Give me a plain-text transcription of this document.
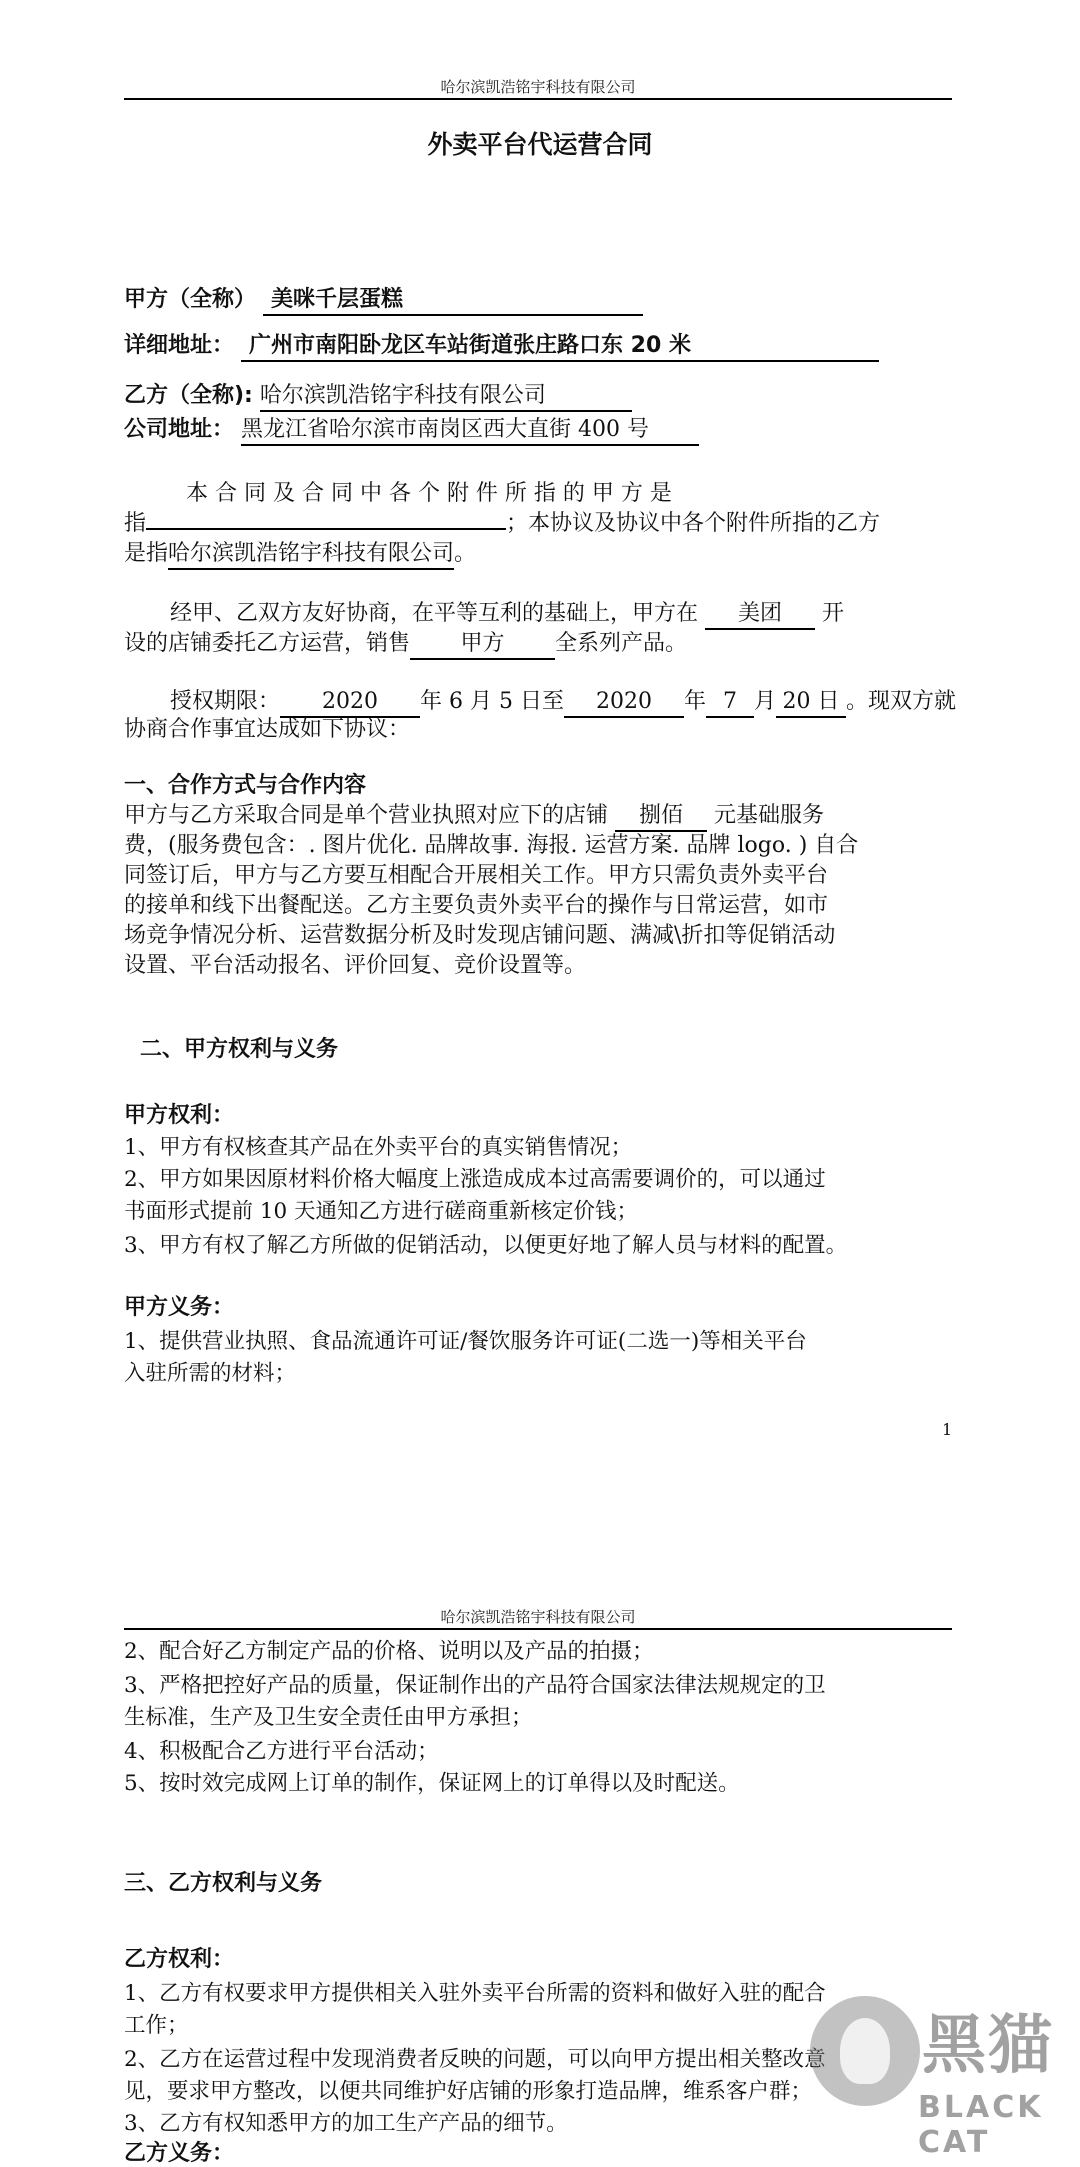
哈尔滨凯浩铭宇科技有限公司
外卖平台代运营合同
甲方（全称） 美咪千层蛋糕
详细地址： 广州市南阳卧龙区车站街道张庄路口东 20 米
乙方（全称): 哈尔滨凯浩铭宇科技有限公司
公司地址： 黑龙江省哈尔滨市南岗区西大直街 400 号
本 合 同 及 合 同 中 各 个 附 件 所 指 的 甲 方 是
指	；本协议及协议中各个附件所指的乙方
是指哈尔滨凯浩铭宇科技有限公司。
经甲、乙双方友好协商，在平等互利的基础上，甲方在 美团 开
设的店铺委托乙方运营，销售 甲方 全系列产品。
授权期限： 2020 年 6 月 5 日至 2020 年 7 月 20 日 。现双方就
协商合作事宜达成如下协议：
一、合作方式与合作内容
甲方与乙方采取合同是单个营业执照对应下的店铺 捌佰 元基础服务
费，(服务费包含：. 图片优化. 品牌故事. 海报. 运营方案. 品牌 logo. ) 自合
同签订后，甲方与乙方要互相配合开展相关工作。甲方只需负责外卖平台
的接单和线下出餐配送。乙方主要负责外卖平台的操作与日常运营，如市
场竞争情况分析、运营数据分析及时发现店铺问题、满减\折扣等促销活动
设置、平台活动报名、评价回复、竞价设置等。
二、甲方权利与义务
甲方权利：
1、甲方有权核查其产品在外卖平台的真实销售情况；
2、甲方如果因原材料价格大幅度上涨造成成本过高需要调价的，可以通过
书面形式提前 10 天通知乙方进行磋商重新核定价钱；
3、甲方有权了解乙方所做的促销活动，以便更好地了解人员与材料的配置。
甲方义务：
1、提供营业执照、食品流通许可证/餐饮服务许可证(二选一)等相关平台
入驻所需的材料；
1
哈尔滨凯浩铭宇科技有限公司
2、配合好乙方制定产品的价格、说明以及产品的拍摄；
3、严格把控好产品的质量，保证制作出的产品符合国家法律法规规定的卫
生标准，生产及卫生安全责任由甲方承担；
4、积极配合乙方进行平台活动；
5、按时效完成网上订单的制作，保证网上的订单得以及时配送。
三、乙方权利与义务
乙方权利：
1、乙方有权要求甲方提供相关入驻外卖平台所需的资料和做好入驻的配合
工作；
2、乙方在运营过程中发现消费者反映的问题，可以向甲方提出相关整改意
见，要求甲方整改，以便共同维护好店铺的形象打造品牌，维系客户群；
3、乙方有权知悉甲方的加工生产产品的细节。
乙方义务：
黑猫
BLACK CAT
